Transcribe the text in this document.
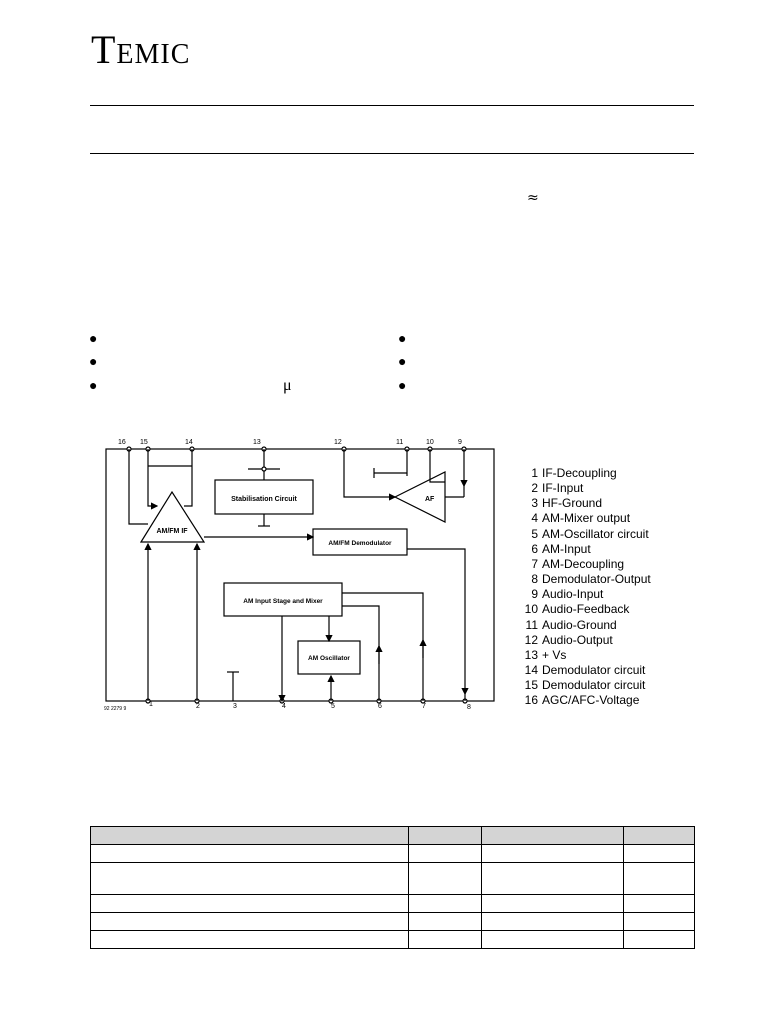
Temic
≈
●
●
●
●
●
●
μ
16 15	14	13	12	11	10	9
1	2	3	4	5	6	7	8
92 2279 9
Stabilisation Circuit	AF
AM/FM IF
AM/FM Demodulator
AM Input Stage and Mixer
AM Oscillator
1 IF-Decoupling
2 IF-Input
3 HF-Ground
4 AM-Mixer output
5 AM-Oscillator circuit
6 AM-Input
7 AM-Decoupling
8 Demodulator-Output
9 Audio-Input
10 Audio-Feedback
11 Audio-Ground
12 Audio-Output
13 + Vs
14 Demodulator circuit
15 Demodulator circuit
16 AGC/AFC-Voltage
